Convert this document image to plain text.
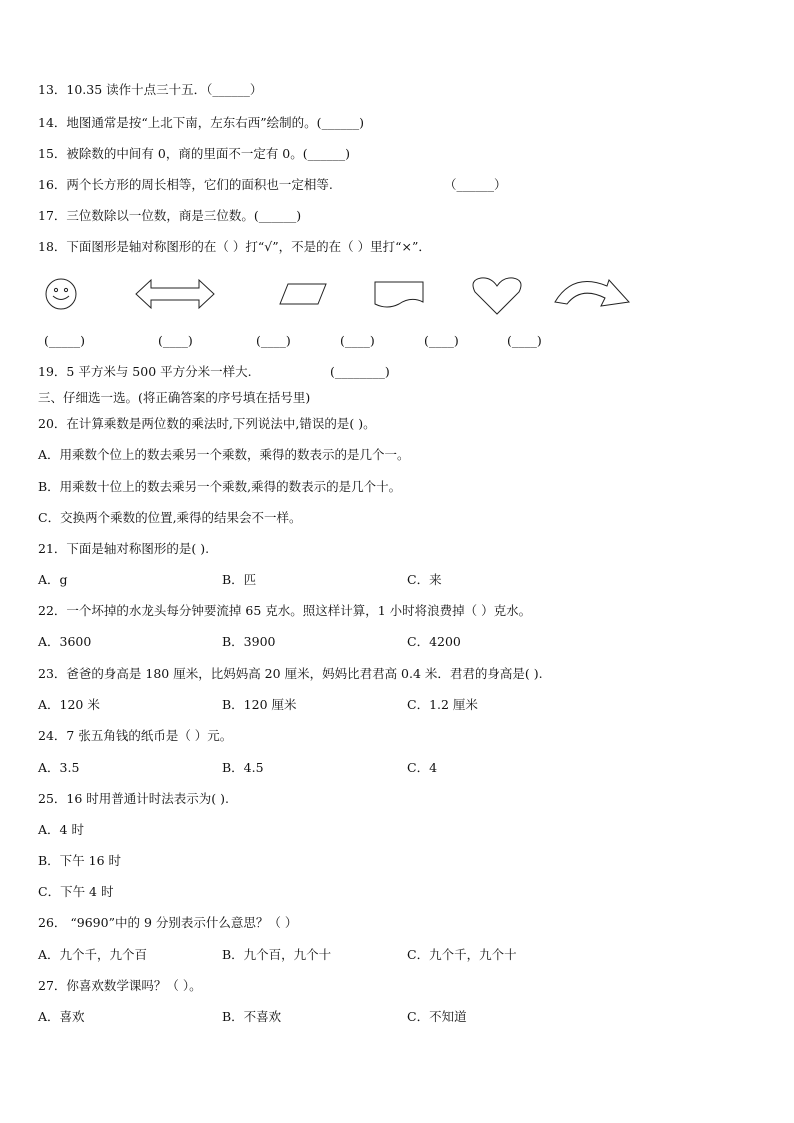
13．10.35 读作十点三十五．（______）
14．地图通常是按“上北下南，左东右西”绘制的。(______)
15．被除数的中间有 0，商的里面不一定有 0。(______)
16．两个长方形的周长相等，它们的面积也一定相等.	（______）
17．三位数除以一位数，商是三位数。(______)
18．下面图形是轴对称图形的在（ ）打“√”，不是的在（ ）里打“×”．
(_____)	(____)	(____)	(____)	(____)	(____)
19．5 平方米与 500 平方分米一样大.	(________)
三、仔细选一选。(将正确答案的序号填在括号里)
20．在计算乘数是两位数的乘法时,下列说法中,错误的是( )。
A．用乘数个位上的数去乘另一个乘数，乘得的数表示的是几个一。
B．用乘数十位上的数去乘另一个乘数,乘得的数表示的是几个十。
C．交换两个乘数的位置,乘得的结果会不一样。
21．下面是轴对称图形的是( ).
A．g	B．匹	C．来
22．一个坏掉的水龙头每分钟要流掉 65 克水。照这样计算，1 小时将浪费掉（ ）克水。
A．3600	B．3900	C．4200
23．爸爸的身高是 180 厘米，比妈妈高 20 厘米，妈妈比君君高 0.4 米．君君的身高是( ).
A．120 米	B．120 厘米	C．1.2 厘米
24．7 张五角钱的纸币是（ ）元。
A．3.5	B．4.5	C．4
25．16 时用普通计时法表示为( ).
A．4 时
B．下午 16 时
C．下午 4 时
26． “9690”中的 9 分别表示什么意思？（ ）
A．九个千，九个百	B．九个百，九个十	C．九个千，九个十
27．你喜欢数学课吗？（ ）。
A．喜欢	B．不喜欢	C．不知道
